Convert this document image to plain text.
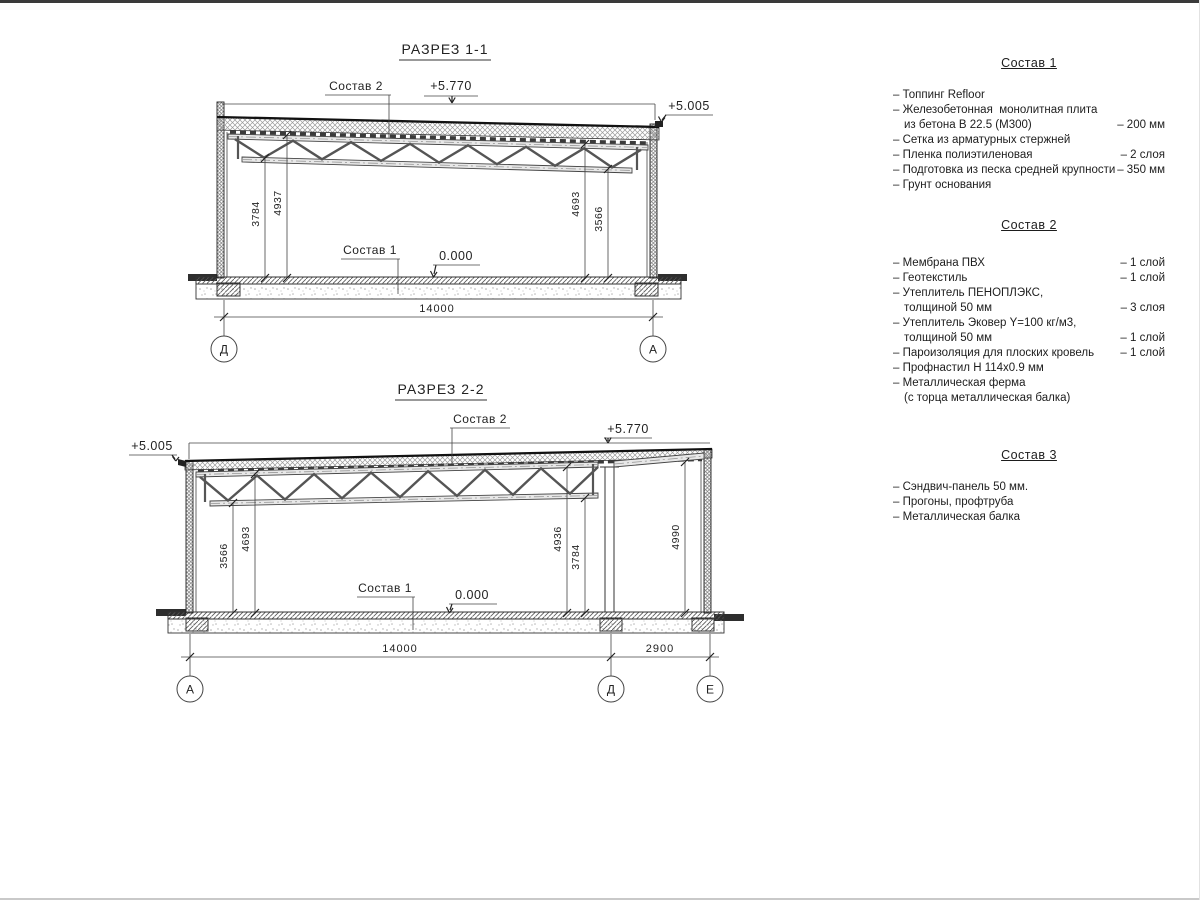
РАЗРЕЗ 1-1
Состав 2	+5.770
+5.005
Состав 1	0.000
3784 4937	4693
3566
14000
Д	А
РАЗРЕЗ 2-2
Состав 2
+5.770
+5.005
Состав 1	0.000
3566
4693	4936
3784
4990
14000	2900
А	Д	Е
Состав 1
– Топпинг Refloor
– Железобетонная  монолитная плита
из бетона В 22.5 (М300)	– 200 мм
– Сетка из арматурных стержней
– Пленка полиэтиленовая	– 2 слоя
– Подготовка из песка средней крупности – 350 мм
– Грунт основания
Состав 2
– Мембрана ПВХ	– 1 слой
– Геотекстиль	– 1 слой
– Утеплитель ПЕНОПЛЭКС,
толщиной 50 мм	– 3 слоя
– Утеплитель Эковер Y=100 кг/м3,
толщиной 50 мм	– 1 слой
– Пароизоляция для плоских кровель – 1 слой
– Профнастил Н 114х0.9 мм
– Металлическая ферма
(с торца металлическая балка)
Состав 3
– Сэндвич-панель 50 мм.
– Прогоны, профтруба
– Металлическая балка
